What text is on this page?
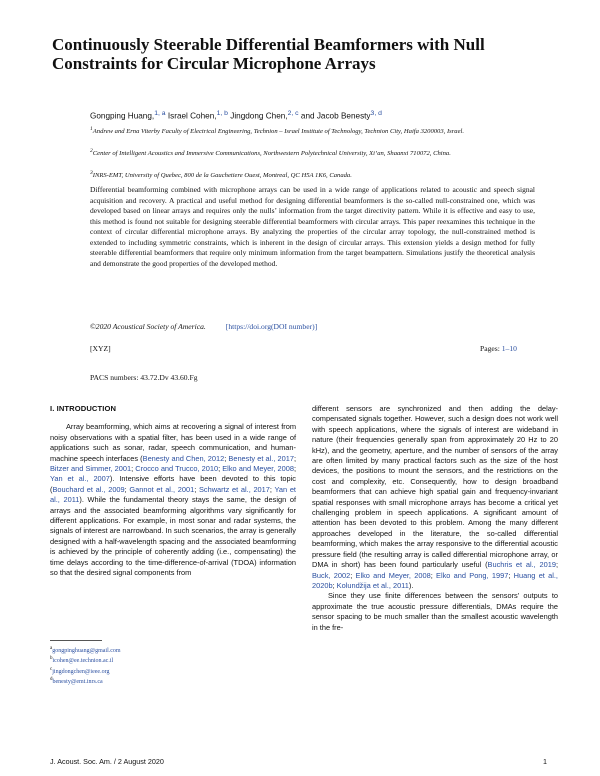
Continuously Steerable Differential Beamformers with Null Constraints for Circular Microphone Arrays
Gongping Huang,$^{1, a}$ Israel Cohen,$^{1, b}$ Jingdong Chen,$^{2, c}$ and Jacob Benesty$^{3, d}$
$^1$Andrew and Erna Viterby Faculty of Electrical Engineering, Technion – Israel Institute of Technology, Technion City, Haifa 3200003, Israel.
$^2$Center of Intelligent Acoustics and Immersive Communications, Northwestern Polytechnical University, Xi’an, Shaanxi 710072, China.
$^3$INRS-EMT, University of Quebec, 800 de la Gauchetiere Ouest, Montreal, QC H5A 1K6, Canada.

Differential beamforming combined with microphone arrays can be used in a wide range of applications related to acoustic and speech signal acquisition and recovery. A practical and useful method for designing differential beamformers is the so-called null-constrained one, which was developed based on linear arrays and requires only the nulls’ information from the target directivity pattern. While it is effective and easy to use, this method is found not suitable for designing steerable differential beamformers with circular arrays. This paper reexamines this technique in the context of circular differential microphone arrays. By analyzing the properties of the circular array topology, the null-constrained method is extended to including symmetric constraints, which is inherent in the design of circular arrays. This extension yields a design method for fully steerable differential beamformers that require only minimum information from the target beampattern. Simulations justify the theoretical analysis and demonstrate the good properties of the developed method.

©2020 Acoustical Society of America.	[https://doi.org(DOI number)]
[XYZ]	Pages: 1–10
PACS numbers: 43.72.Dv 43.60.Fg
I. INTRODUCTION

Array beamforming, which aims at recovering a signal of interest from noisy observations with a spatial filter, has been used in a wide range of applications such as sonar, radar, speech communication, and human-machine speech interfaces (Benesty and Chen, 2012; Benesty et al., 2017; Bitzer and Simmer, 2001; Crocco and Trucco, 2010; Elko and Meyer, 2008; Yan et al., 2007). Intensive efforts have been devoted to this topic (Bouchard et al., 2009; Gannot et al., 2001; Schwartz et al., 2017; Yan et al., 2011). While the fundamental theory stays the same, the design of arrays and the associated beamforming algorithms vary significantly for different applications. For example, in most sonar and radar systems, the signals of interest are narrowband. In such scenarios, the array is generally designed with a half-wavelength spacing and the associated beamforming is achieved by the principle of coherently adding (i.e., compensating) the time delays according to the time-difference-of-arrival (TDOA) information so that the desired signal components from

different sensors are synchronized and then adding the delay-compensated signals together. However, such a design does not work well with speech applications, where the signals of interest are wideband in nature (their frequencies generally span from approximately 20 Hz to 20 kHz), and the geometry, aperture, and the number of sensors of the array are often limited by many practical factors such as the size of the host devices, the positions to mount the sensors, and the restrictions on the cost and complexity, etc. Consequently, how to design broadband beamformers that can achieve high spatial gain and frequency-invariant spatial responses with small microphone arrays has become a critical yet challenging problem in speech applications. A significant amount of attention has been devoted to this problem. Among the many different approaches developed in the literature, the so-called differential beamforming, which makes the array responsive to the differential acoustic pressure field (the resulting array is called differential microphone array, or DMA in short) has been found particularly useful (Buchris et al., 2019; Buck, 2002; Elko and Meyer, 2008; Elko and Pong, 1997; Huang et al., 2020b; Kolundžija et al., 2011).

Since they use finite differences between the sensors’ outputs to approximate the true acoustic pressure differentials, DMAs require the sensor spacing to be much smaller than the smallest acoustic wavelength in the fre-

$^a$gongpinghuang@gmail.com
$^b$icohen@ee.technion.ac.il
$^c$jingdongchen@ieee.org
$^d$benesty@emt.inrs.ca
J. Acoust. Soc. Am. / 2 August 2020	1
